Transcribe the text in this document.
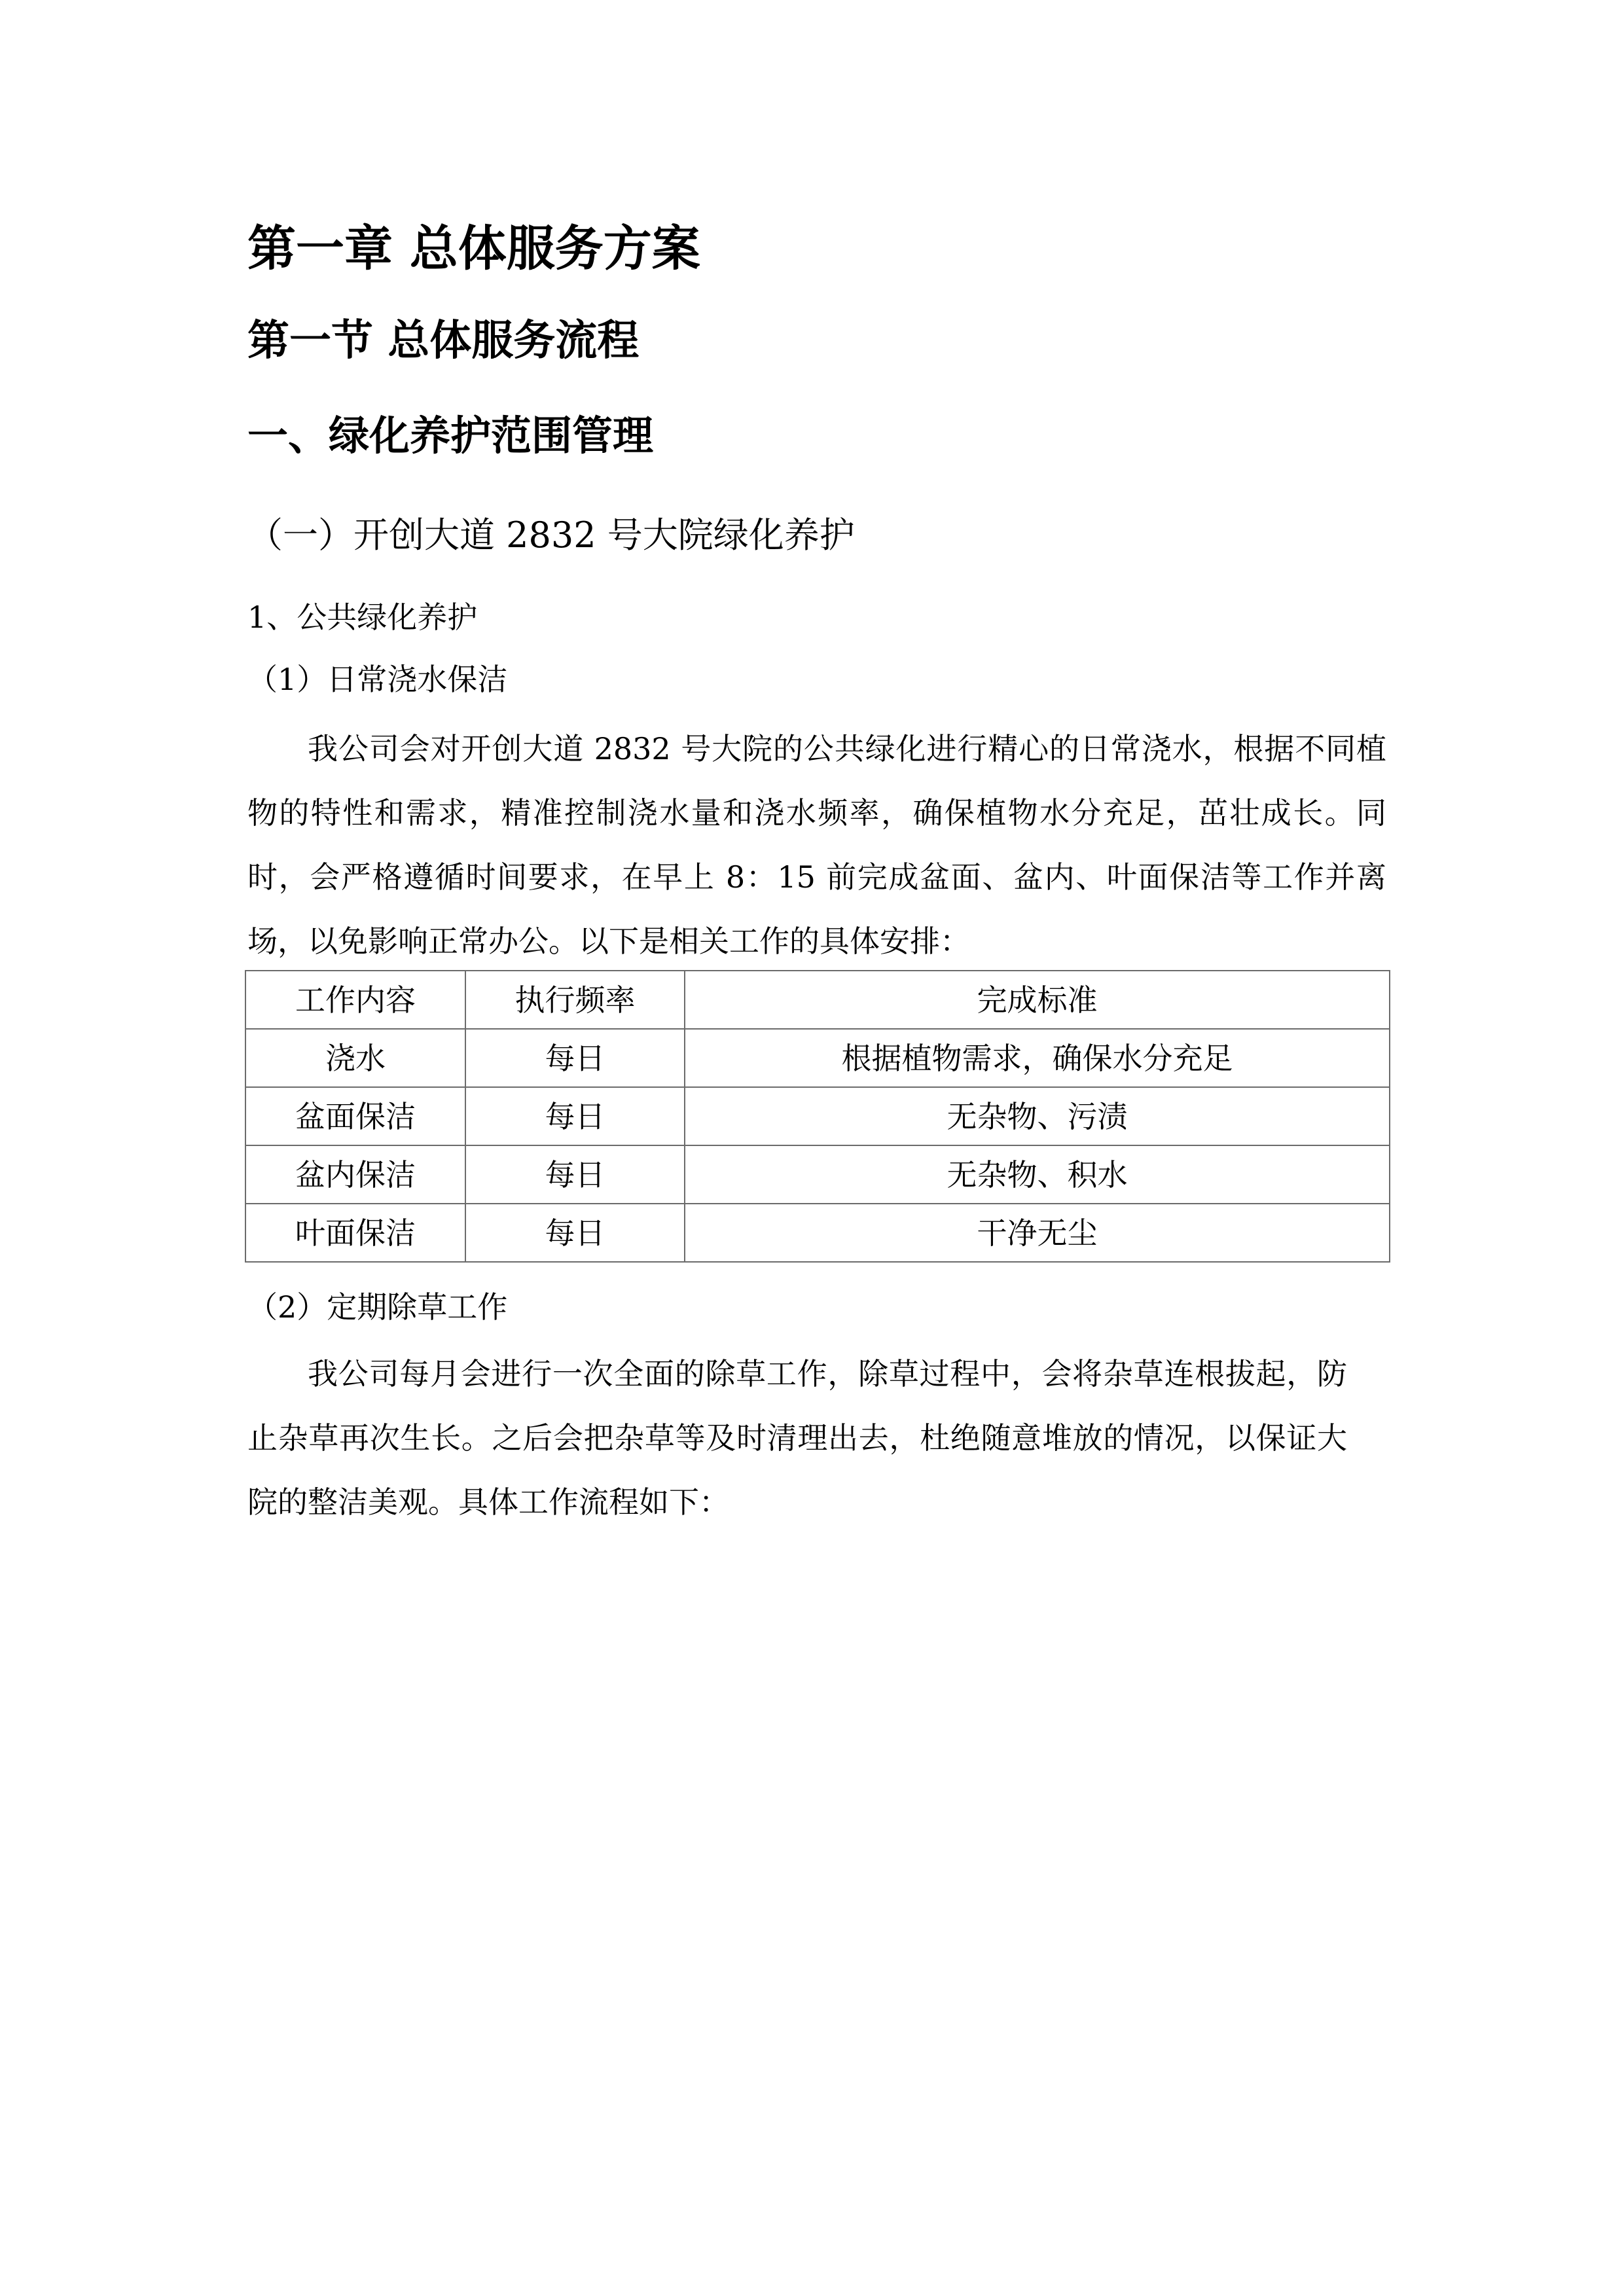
第一章 总体服务方案
第一节 总体服务流程
一、绿化养护范围管理
（一）开创大道 2832 号大院绿化养护
1、公共绿化养护
（1）日常浇水保洁

我公司会对开创大道 2832 号大院的公共绿化进行精心的日常浇水，根据不同植物的特性和需求，精准控制浇水量和浇水频率，确保植物水分充足，茁壮成长。同时，会严格遵循时间要求，在早上 8：15 前完成盆面、盆内、叶面保洁等工作并离场，以免影响正常办公。以下是相关工作的具体安排：

工作内容	执行频率	完成标准
浇水	每日	根据植物需求，确保水分充足
盆面保洁	每日	无杂物、污渍
盆内保洁	每日	无杂物、积水
叶面保洁	每日	干净无尘
（2）定期除草工作

我公司每月会进行一次全面的除草工作，除草过程中，会将杂草连根拔起，防止杂草再次生长。之后会把杂草等及时清理出去，杜绝随意堆放的情况，以保证大院的整洁美观。具体工作流程如下：
